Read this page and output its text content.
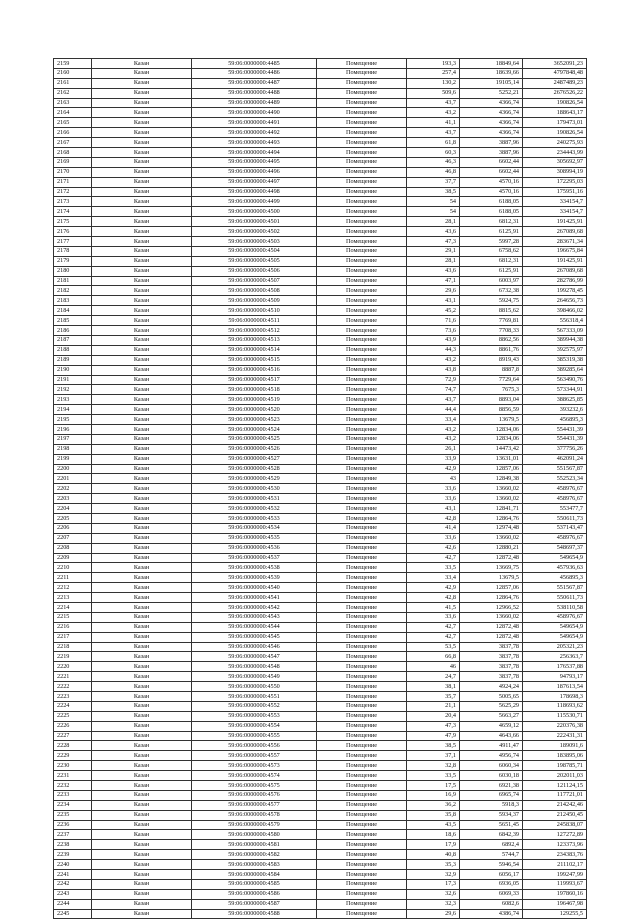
2159	Казан	59:06:0000000:4485	Помещение	193,3	18849,64	3652091,23
2160	Казан	59:06:0000000:4486	Помещение	257,4	18639,66	4797848,48
2161	Казан	59:06:0000000:4487	Помещение	130,2	19105,14	2487489,23
2162	Казан	59:06:0000000:4488	Помещение	509,6	5252,21	2676526,22
2163	Казан	59:06:0000000:4489	Помещение	43,7	4366,74	190826,54
2164	Казан	59:06:0000000:4490	Помещение	43,2	4366,74	188643,17
2165	Казан	59:06:0000000:4491	Помещение	41,1	4366,74	179473,01
2166	Казан	59:06:0000000:4492	Помещение	43,7	4366,74	190826,54
2167	Казан	59:06:0000000:4493	Помещение	61,8	3887,96	240275,93
2168	Казан	59:06:0000000:4494	Помещение	60,3	3887,96	234443,99
2169	Казан	59:06:0000000:4495	Помещение	46,3	6602,44	305692,97
2170	Казан	59:06:0000000:4496	Помещение	46,8	6602,44	308994,19
2171	Казан	59:06:0000000:4497	Помещение	37,7	4570,16	172295,03
2172	Казан	59:06:0000000:4498	Помещение	38,5	4570,16	175951,16
2173	Казан	59:06:0000000:4499	Помещение	54	6188,05	334154,7
2174	Казан	59:06:0000000:4500	Помещение	54	6188,05	334154,7
2175	Казан	59:06:0000000:4501	Помещение	28,1	6812,31	191425,91
2176	Казан	59:06:0000000:4502	Помещение	43,6	6125,91	267089,68
2177	Казан	59:06:0000000:4503	Помещение	47,3	5997,28	283671,34
2178	Казан	59:06:0000000:4504	Помещение	29,1	6758,62	196675,84
2179	Казан	59:06:0000000:4505	Помещение	28,1	6812,31	191425,91
2180	Казан	59:06:0000000:4506	Помещение	43,6	6125,91	267089,68
2181	Казан	59:06:0000000:4507	Помещение	47,1	6003,97	282786,99
2182	Казан	59:06:0000000:4508	Помещение	29,6	6732,38	199278,45
2183	Казан	59:06:0000000:4509	Помещение	43,1	5924,75	264656,73
2184	Казан	59:06:0000000:4510	Помещение	45,2	8815,62	398466,02
2185	Казан	59:06:0000000:4511	Помещение	71,6	7769,81	556318,4
2186	Казан	59:06:0000000:4512	Помещение	73,6	7708,33	567333,09
2187	Казан	59:06:0000000:4513	Помещение	43,9	8862,56	389944,38
2188	Казан	59:06:0000000:4514	Помещение	44,3	8861,76	392575,97
2189	Казан	59:06:0000000:4515	Помещение	43,2	8919,43	385319,38
2190	Казан	59:06:0000000:4516	Помещение	43,8	8887,8	389285,64
2191	Казан	59:06:0000000:4517	Помещение	72,9	7729,64	563490,76
2192	Казан	59:06:0000000:4518	Помещение	74,7	7675,3	573344,91
2193	Казан	59:06:0000000:4519	Помещение	43,7	8893,04	388625,85
2194	Казан	59:06:0000000:4520	Помещение	44,4	8856,59	393232,6
2195	Казан	59:06:0000000:4523	Помещение	33,4	13679,5	456895,3
2196	Казан	59:06:0000000:4524	Помещение	43,2	12834,06	554431,39
2197	Казан	59:06:0000000:4525	Помещение	43,2	12834,06	554431,39
2198	Казан	59:06:0000000:4526	Помещение	26,1	14473,42	377756,26
2199	Казан	59:06:0000000:4527	Помещение	33,9	13631,01	462091,24
2200	Казан	59:06:0000000:4528	Помещение	42,9	12857,06	551567,87
2201	Казан	59:06:0000000:4529	Помещение	43	12849,38	552523,34
2202	Казан	59:06:0000000:4530	Помещение	33,6	13660,02	458976,67
2203	Казан	59:06:0000000:4531	Помещение	33,6	13660,02	458976,67
2204	Казан	59:06:0000000:4532	Помещение	43,1	12841,71	553477,7
2205	Казан	59:06:0000000:4533	Помещение	42,8	12864,76	550611,73
2206	Казан	59:06:0000000:4534	Помещение	41,4	12974,48	537143,47
2207	Казан	59:06:0000000:4535	Помещение	33,6	13660,02	458976,67
2208	Казан	59:06:0000000:4536	Помещение	42,6	12880,21	548697,37
2209	Казан	59:06:0000000:4537	Помещение	42,7	12872,48	549654,9
2210	Казан	59:06:0000000:4538	Помещение	33,5	13669,75	457936,63
2211	Казан	59:06:0000000:4539	Помещение	33,4	13679,5	456895,3
2212	Казан	59:06:0000000:4540	Помещение	42,9	12857,06	551567,87
2213	Казан	59:06:0000000:4541	Помещение	42,8	12864,76	550611,73
2214	Казан	59:06:0000000:4542	Помещение	41,5	12966,52	538110,58
2215	Казан	59:06:0000000:4543	Помещение	33,6	13660,02	458976,67
2216	Казан	59:06:0000000:4544	Помещение	42,7	12872,48	549654,9
2217	Казан	59:06:0000000:4545	Помещение	42,7	12872,48	549654,9
2218	Казан	59:06:0000000:4546	Помещение	53,5	3837,78	205321,23
2219	Казан	59:06:0000000:4547	Помещение	66,8	3837,78	256363,7
2220	Казан	59:06:0000000:4548	Помещение	46	3837,78	176537,88
2221	Казан	59:06:0000000:4549	Помещение	24,7	3837,78	94793,17
2222	Казан	59:06:0000000:4550	Помещение	38,1	4924,24	187613,54
2223	Казан	59:06:0000000:4551	Помещение	35,7	5005,65	178698,3
2224	Казан	59:06:0000000:4552	Помещение	21,1	5625,29	118693,62
2225	Казан	59:06:0000000:4553	Помещение	20,4	5663,27	115530,71
2226	Казан	59:06:0000000:4554	Помещение	47,3	4659,12	220376,38
2227	Казан	59:06:0000000:4555	Помещение	47,9	4643,66	222431,31
2228	Казан	59:06:0000000:4556	Помещение	38,5	4911,47	189091,6
2229	Казан	59:06:0000000:4557	Помещение	37,1	4956,74	183895,06
2230	Казан	59:06:0000000:4573	Помещение	32,8	6060,34	198785,71
2231	Казан	59:06:0000000:4574	Помещение	33,5	6030,18	202011,03
2232	Казан	59:06:0000000:4575	Помещение	17,5	6921,38	121124,15
2233	Казан	59:06:0000000:4576	Помещение	16,9	6965,74	117721,01
2234	Казан	59:06:0000000:4577	Помещение	36,2	5918,3	214242,46
2235	Казан	59:06:0000000:4578	Помещение	35,8	5934,37	212450,45
2236	Казан	59:06:0000000:4579	Помещение	43,5	5651,45	245838,07
2237	Казан	59:06:0000000:4580	Помещение	18,6	6842,39	127272,89
2238	Казан	59:06:0000000:4581	Помещение	17,9	6892,4	123373,96
2239	Казан	59:06:0000000:4582	Помещение	40,8	5744,7	234383,76
2240	Казан	59:06:0000000:4583	Помещение	35,3	5946,54	211102,17
2241	Казан	59:06:0000000:4584	Помещение	32,9	6056,17	199247,99
2242	Казан	59:06:0000000:4585	Помещение	17,3	6936,05	119993,67
2243	Казан	59:06:0000000:4586	Помещение	32,6	6069,33	197860,16
2244	Казан	59:06:0000000:4587	Помещение	32,3	6082,6	196467,98
2245	Казан	59:06:0000000:4588	Помещение	29,6	4386,74	129255,5
